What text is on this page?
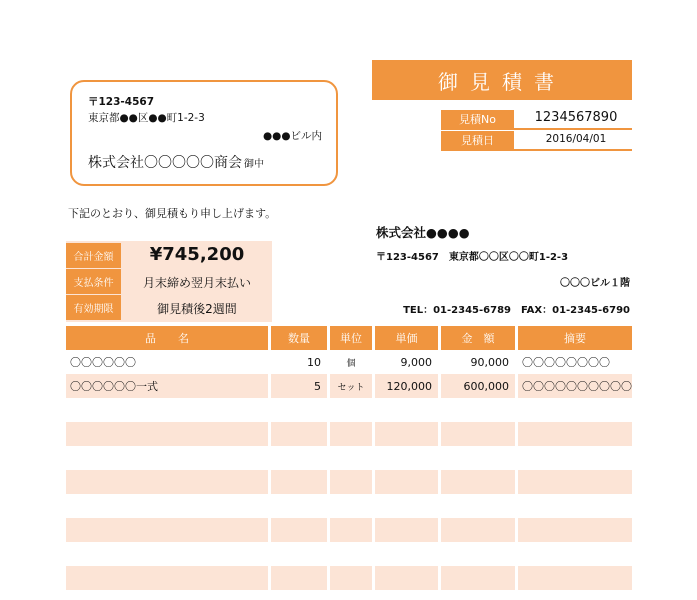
〒123-4567
東京都●●区●●町1-2-3
●●●ビル内
株式会社〇〇〇〇〇商会 御中
御見積書
見積No	1234567890
見積日	2016/04/01
下記のとおり、御見積もり申し上げます。
株式会社●●●●
〒123-4567　東京都〇〇区〇〇町1-2-3
〇〇〇ビル１階
TEL：01-2345-6789　FAX：01-2345-6790
合計金額	¥745,200
支払条件	月末締め翌月末払い
有効期限	御見積後2週間
品　　名	数量	単位	単価	金　額	摘要
〇〇〇〇〇〇	10	個	9,000	90,000	〇〇〇〇〇〇〇〇
〇〇〇〇〇〇一式	5	セット	120,000	600,000	〇〇〇〇〇〇〇〇〇〇
